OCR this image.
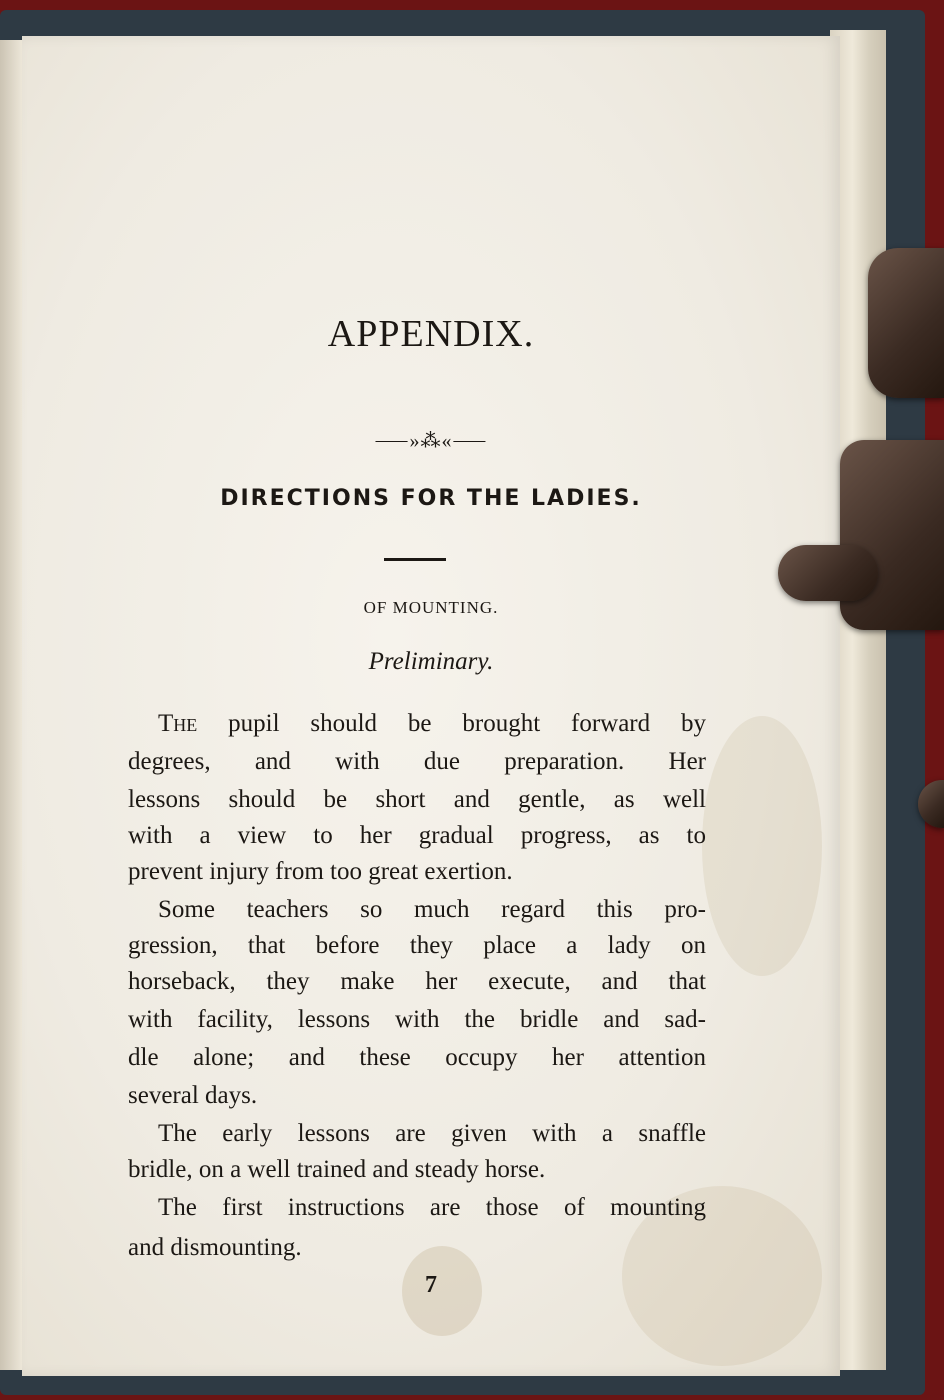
APPENDIX.
⸺»⁂«⸺
DIRECTIONS FOR THE LADIES.
OF MOUNTING.
Preliminary.
The pupil should be brought forward by
degrees, and with due preparation. Her
lessons should be short and gentle, as well
with a view to her gradual progress, as to
prevent injury from too great exertion.
Some teachers so much regard this pro-
gression, that before they place a lady on
horseback, they make her execute, and that
with facility, lessons with the bridle and sad-
dle alone; and these occupy her attention
several days.
The early lessons are given with a snaffle
bridle, on a well trained and steady horse.
The first instructions are those of mounting
and dismounting.
7
